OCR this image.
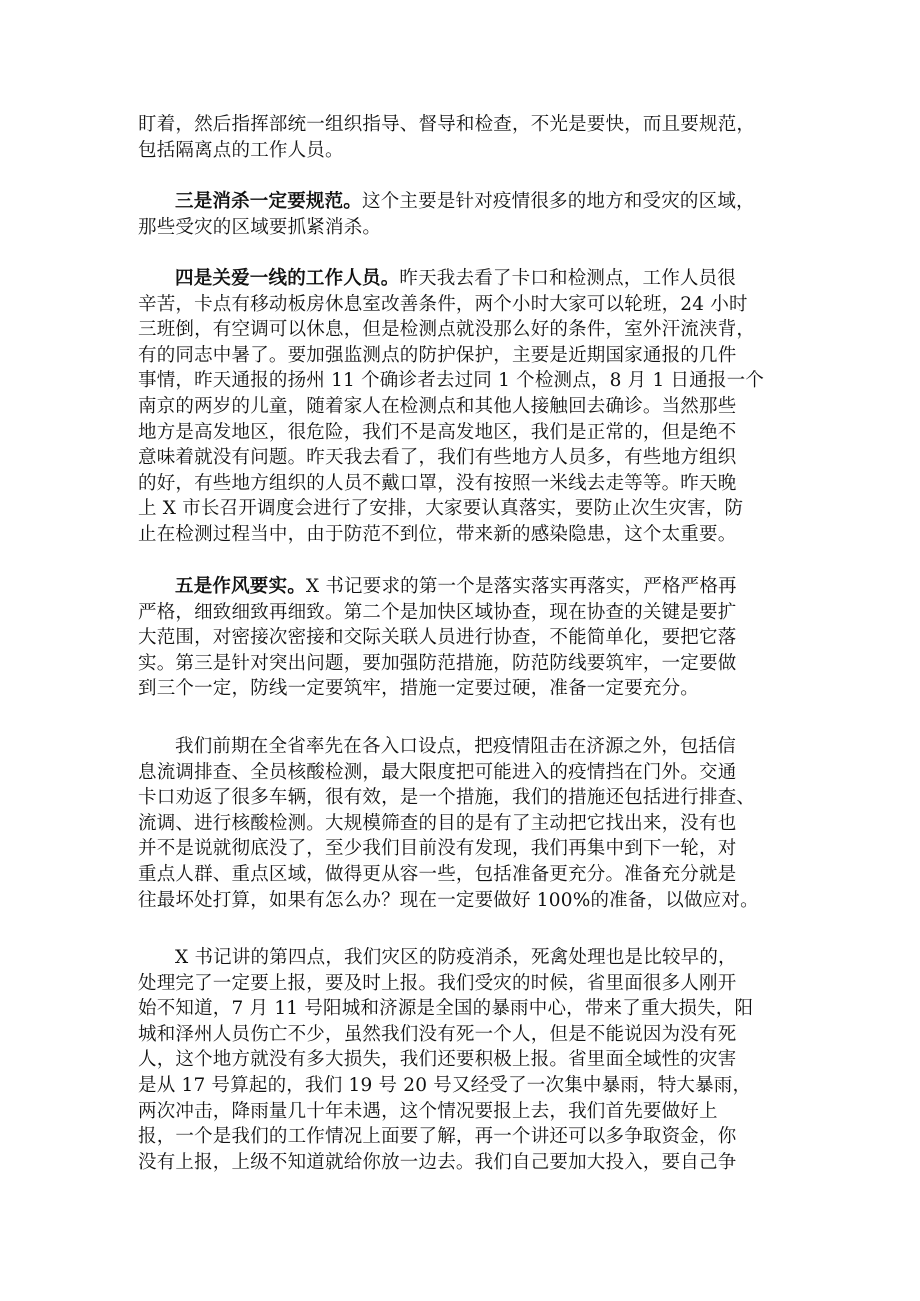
盯着，然后指挥部统一组织指导、督导和检查，不光是要快，而且要规范，
包括隔离点的工作人员。
三是消杀一定要规范。这个主要是针对疫情很多的地方和受灾的区域，
那些受灾的区域要抓紧消杀。
四是关爱一线的工作人员。昨天我去看了卡口和检测点，工作人员很
辛苦，卡点有移动板房休息室改善条件，两个小时大家可以轮班，24 小时
三班倒，有空调可以休息，但是检测点就没那么好的条件，室外汗流浃背，
有的同志中暑了。要加强监测点的防护保护，主要是近期国家通报的几件
事情，昨天通报的扬州 11 个确诊者去过同 1 个检测点，8 月 1 日通报一个
南京的两岁的儿童，随着家人在检测点和其他人接触回去确诊。当然那些
地方是高发地区，很危险，我们不是高发地区，我们是正常的，但是绝不
意味着就没有问题。昨天我去看了，我们有些地方人员多，有些地方组织
的好，有些地方组织的人员不戴口罩，没有按照一米线去走等等。昨天晚
上 X 市长召开调度会进行了安排，大家要认真落实，要防止次生灾害，防
止在检测过程当中，由于防范不到位，带来新的感染隐患，这个太重要。
五是作风要实。X 书记要求的第一个是落实落实再落实，严格严格再
严格，细致细致再细致。第二个是加快区域协查，现在协查的关键是要扩
大范围，对密接次密接和交际关联人员进行协查，不能简单化，要把它落
实。第三是针对突出问题，要加强防范措施，防范防线要筑牢，一定要做
到三个一定，防线一定要筑牢，措施一定要过硬，准备一定要充分。
我们前期在全省率先在各入口设点，把疫情阻击在济源之外，包括信
息流调排查、全员核酸检测，最大限度把可能进入的疫情挡在门外。交通
卡口劝返了很多车辆，很有效，是一个措施，我们的措施还包括进行排查、
流调、进行核酸检测。大规模筛查的目的是有了主动把它找出来，没有也
并不是说就彻底没了，至少我们目前没有发现，我们再集中到下一轮，对
重点人群、重点区域，做得更从容一些，包括准备更充分。准备充分就是
往最坏处打算，如果有怎么办？现在一定要做好 100%的准备，以做应对。
X 书记讲的第四点，我们灾区的防疫消杀，死禽处理也是比较早的，
处理完了一定要上报，要及时上报。我们受灾的时候，省里面很多人刚开
始不知道，7 月 11 号阳城和济源是全国的暴雨中心，带来了重大损失，阳
城和泽州人员伤亡不少，虽然我们没有死一个人，但是不能说因为没有死
人，这个地方就没有多大损失，我们还要积极上报。省里面全域性的灾害
是从 17 号算起的，我们 19 号 20 号又经受了一次集中暴雨，特大暴雨，
两次冲击，降雨量几十年未遇，这个情况要报上去，我们首先要做好上
报，一个是我们的工作情况上面要了解，再一个讲还可以多争取资金，你
没有上报，上级不知道就给你放一边去。我们自己要加大投入，要自己争
